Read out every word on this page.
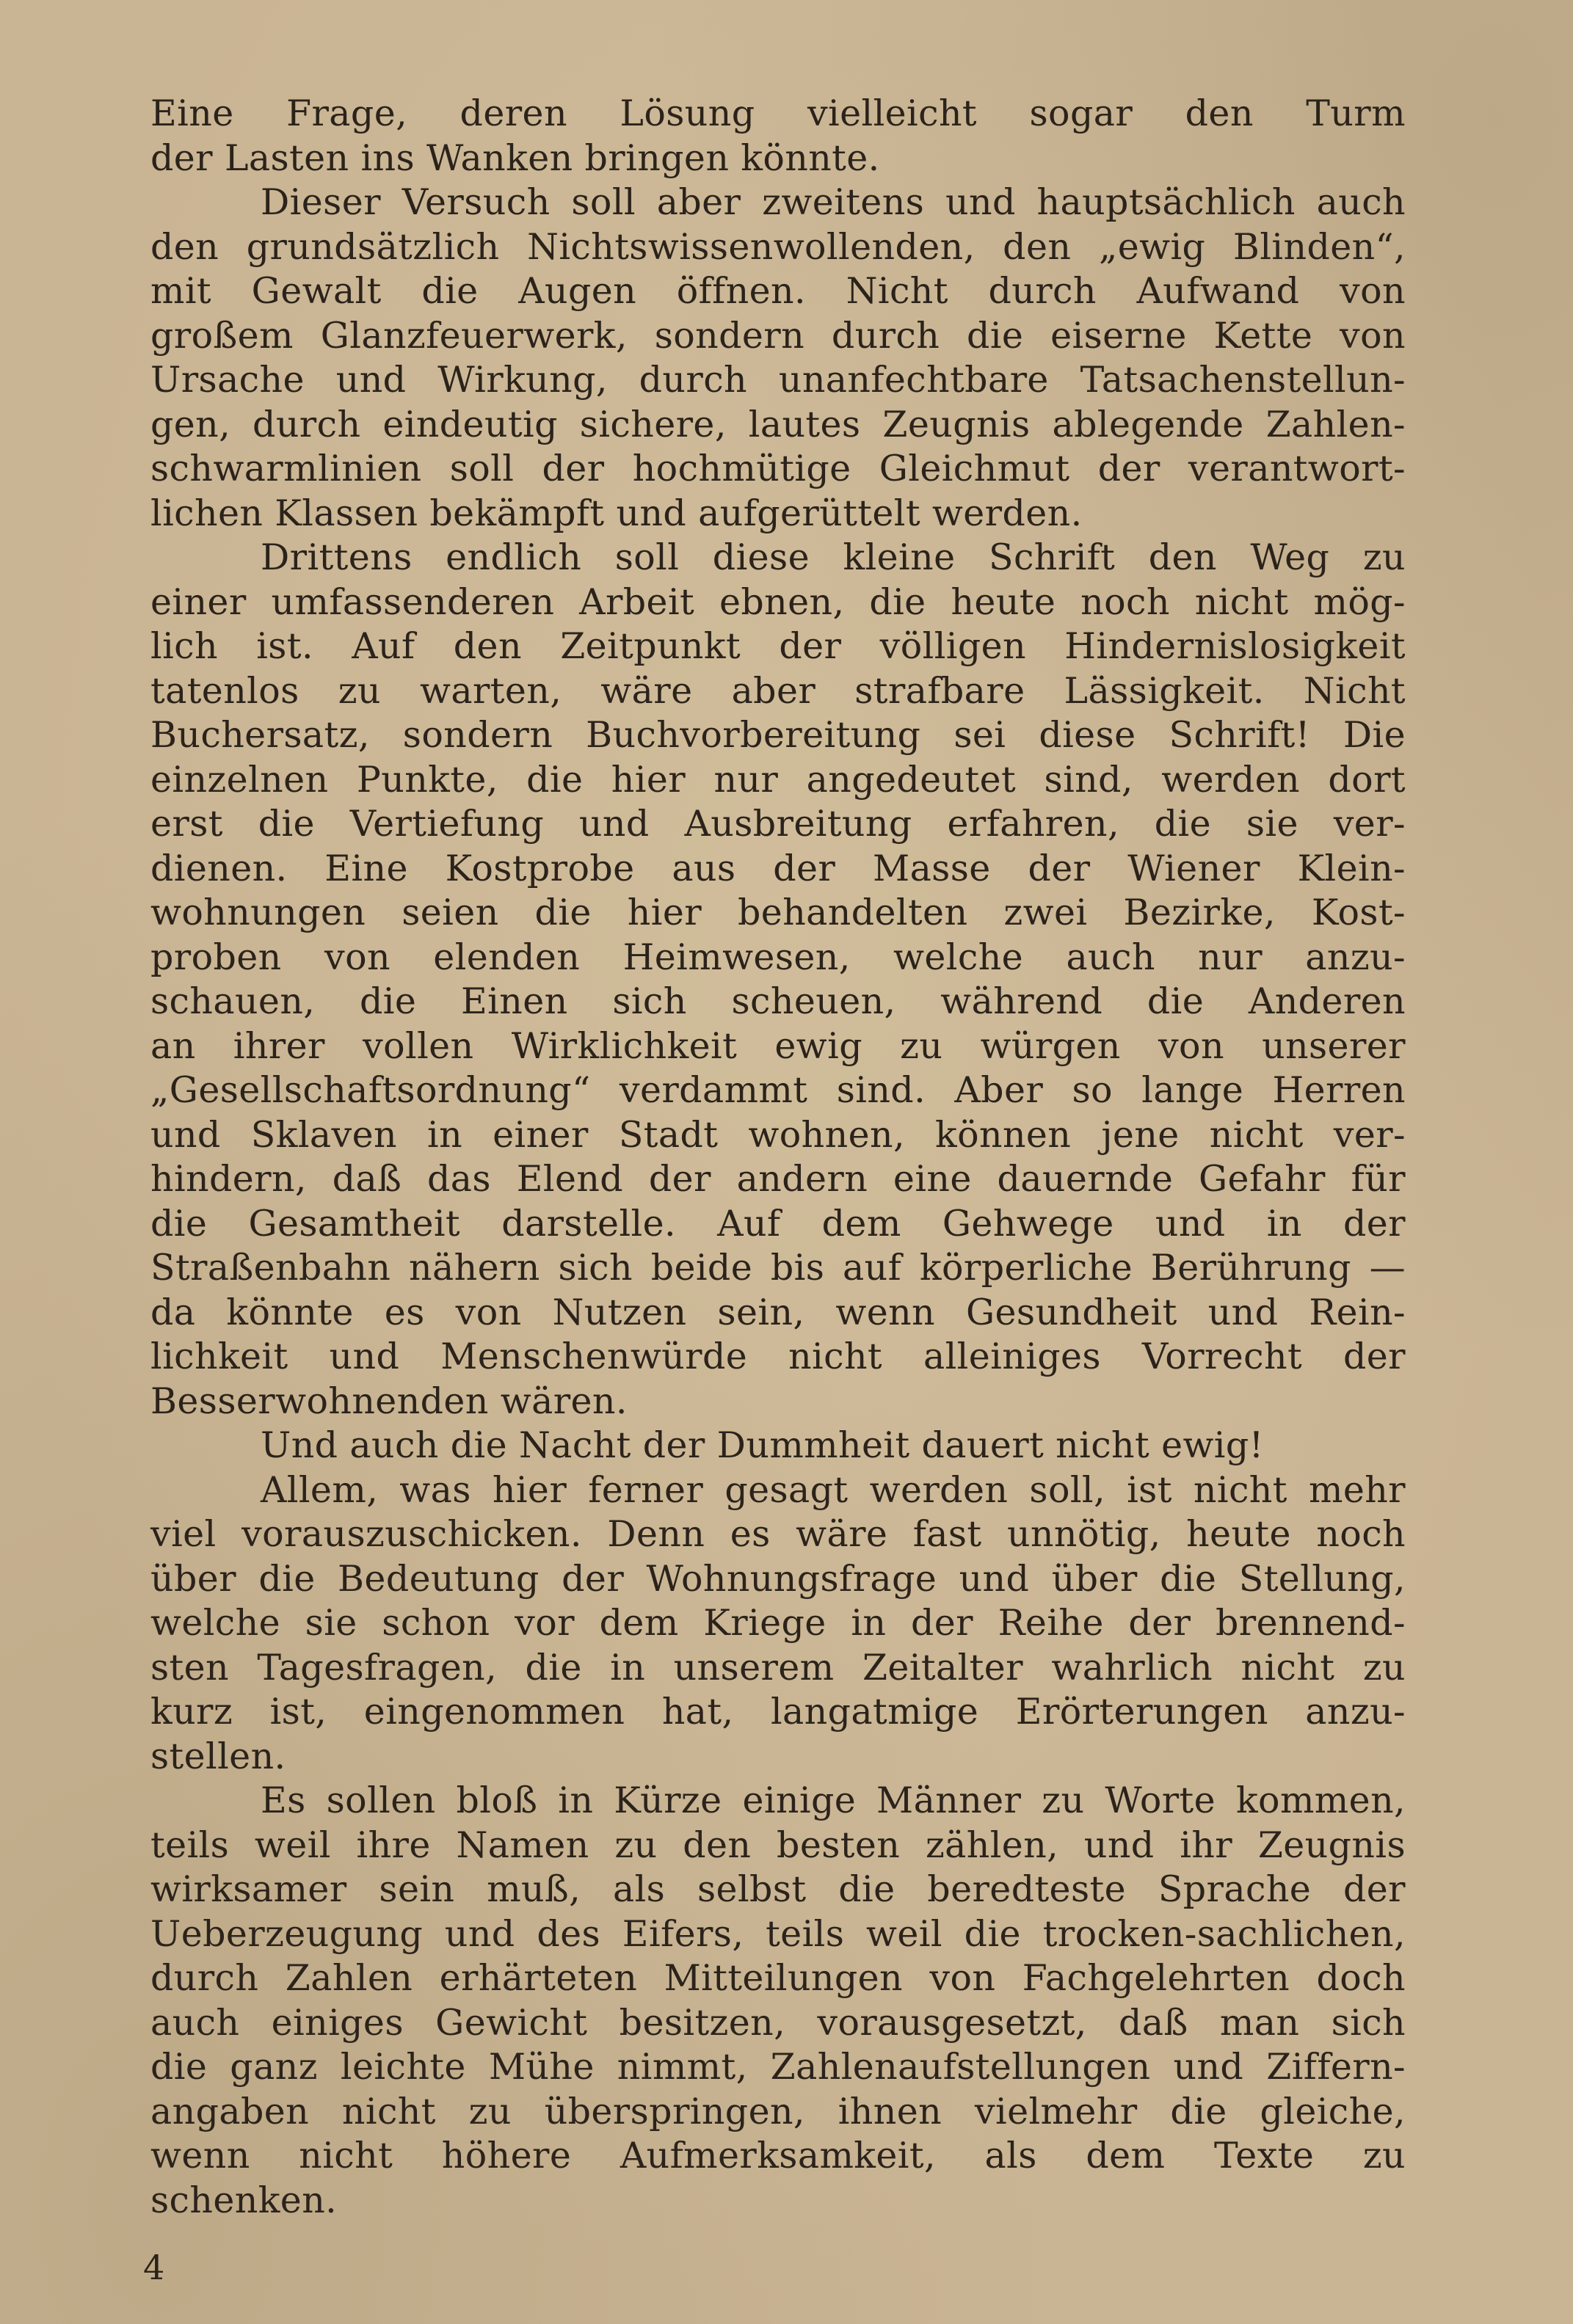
Eine Frage, deren Lösung vielleicht sogar den Turm
der Lasten ins Wanken bringen könnte.
Dieser Versuch soll aber zweitens und hauptsächlich auch
den grundsätzlich Nichtswissenwollenden, den „ewig Blinden“,
mit Gewalt die Augen öffnen. Nicht durch Aufwand von
großem Glanzfeuerwerk, sondern durch die eiserne Kette von
Ursache und Wirkung, durch unanfechtbare Tatsachenstellun-
gen, durch eindeutig sichere, lautes Zeugnis ablegende Zahlen-
schwarmlinien soll der hochmütige Gleichmut der verantwort-
lichen Klassen bekämpft und aufgerüttelt werden.
Drittens endlich soll diese kleine Schrift den Weg zu
einer umfassenderen Arbeit ebnen, die heute noch nicht mög-
lich ist. Auf den Zeitpunkt der völligen Hindernislosigkeit
tatenlos zu warten, wäre aber strafbare Lässigkeit. Nicht
Buchersatz, sondern Buchvorbereitung sei diese Schrift! Die
einzelnen Punkte, die hier nur angedeutet sind, werden dort
erst die Vertiefung und Ausbreitung erfahren, die sie ver-
dienen. Eine Kostprobe aus der Masse der Wiener Klein-
wohnungen seien die hier behandelten zwei Bezirke, Kost-
proben von elenden Heimwesen, welche auch nur anzu-
schauen, die Einen sich scheuen, während die Anderen
an ihrer vollen Wirklichkeit ewig zu würgen von unserer
„Gesellschaftsordnung“ verdammt sind. Aber so lange Herren
und Sklaven in einer Stadt wohnen, können jene nicht ver-
hindern, daß das Elend der andern eine dauernde Gefahr für
die Gesamtheit darstelle. Auf dem Gehwege und in der
Straßenbahn nähern sich beide bis auf körperliche Berührung —
da könnte es von Nutzen sein, wenn Gesundheit und Rein-
lichkeit und Menschenwürde nicht alleiniges Vorrecht der
Besserwohnenden wären.
Und auch die Nacht der Dummheit dauert nicht ewig!
Allem, was hier ferner gesagt werden soll, ist nicht mehr
viel vorauszuschicken. Denn es wäre fast unnötig, heute noch
über die Bedeutung der Wohnungsfrage und über die Stellung,
welche sie schon vor dem Kriege in der Reihe der brennend-
sten Tagesfragen, die in unserem Zeitalter wahrlich nicht zu
kurz ist, eingenommen hat, langatmige Erörterungen anzu-
stellen.
Es sollen bloß in Kürze einige Männer zu Worte kommen,
teils weil ihre Namen zu den besten zählen, und ihr Zeugnis
wirksamer sein muß, als selbst die beredteste Sprache der
Ueberzeugung und des Eifers, teils weil die trocken-sachlichen,
durch Zahlen erhärteten Mitteilungen von Fachgelehrten doch
auch einiges Gewicht besitzen, vorausgesetzt, daß man sich
die ganz leichte Mühe nimmt, Zahlenaufstellungen und Ziffern-
angaben nicht zu überspringen, ihnen vielmehr die gleiche,
wenn nicht höhere Aufmerksamkeit, als dem Texte zu
schenken.
4
